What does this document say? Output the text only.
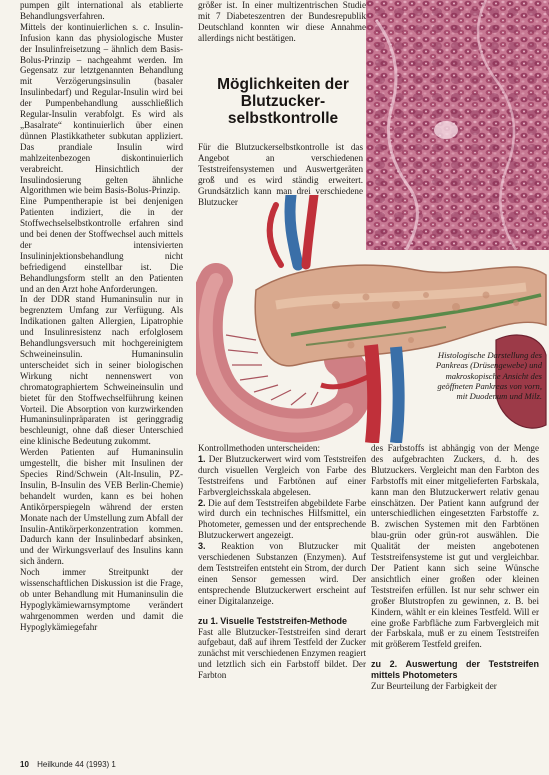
pumpen gilt international als etablierte Behandlungsverfahren.

Mittels der kontinuierlichen s. c. Insulin-Infusion kann das physiologische Muster der Insulinfreisetzung – ähnlich dem Basis-Bolus-Prinzip – nachgeahmt werden. Im Gegensatz zur letztgenannten Behandlung mit Verzögerungsinsulin (basaler Insulinbedarf) und Regular-Insulin wird bei der Pumpenbehandlung ausschließlich Regular-Insulin verabfolgt. Es wird als „Basalrate“ kontinuierlich über einen dünnen Plastikkatheter subkutan appliziert. Das prandiale Insulin wird mahlzeitenbezogen diskontinuierlich verabreicht. Hinsichtlich der Insulindosierung gelten ähnliche Algorithmen wie beim Basis-Bolus-Prinzip.

Eine Pumpentherapie ist bei denjenigen Patienten indiziert, die in der Stoffwechselselbstkontrolle erfahren sind und bei denen der Stoffwechsel auch mittels der intensivierten Insulininjektionsbehandlung nicht befriedigend einstellbar ist. Die Behandlungsform stellt an den Patienten und an den Arzt hohe Anforderungen.

In der DDR stand Humaninsulin nur in begrenztem Umfang zur Verfügung. Als Indikationen galten Allergien, Lipatrophie und Insulinresistenz nach erfolglosem Behandlungsversuch mit hochgereinigtem Schweineinsulin. Humaninsulin unterscheidet sich in seiner biologischen Wirkung nicht nennenswert von chromatographiertem Schweineinsulin und bietet für den Stoffwechselführung keinen Vorteil. Die Absorption von kurzwirkenden Humaninsulinpräparaten ist geringgradig beschleunigt, ohne daß dieser Unterschied eine klinische Bedeutung zukommt.

Werden Patienten auf Humaninsulin umgestellt, die bisher mit Insulinen der Species Rind/Schwein (Alt-Insulin, PZ-Insulin, B-Insulin des VEB Berlin-Chemie) behandelt wurden, kann es bei hohen Antikörperspiegeln während der ersten Monate nach der Umstellung zum Abfall der Insulin-Antikörperkonzentration kommen. Dadurch kann der Insulinbedarf absinken, und der Wirkungsverlauf des Insulins kann sich ändern.

Noch immer Streitpunkt der wissenschaftlichen Diskussion ist die Frage, ob unter Behandlung mit Humaninsulin die Hypoglykämiewarnsymptome verändert wahrgenommen werden und damit die Hypoglykämiegefahr

größer ist. In einer multizentrischen Studie mit 7 Diabeteszentren der Bundesrepublik Deutschland konnten wir diese Annahme allerdings nicht bestätigen.

Möglichkeiten der Blutzucker-selbstkontrolle

Für die Blutzuckerselbstkontrolle ist das Angebot an verschiedenen Teststreifensystemen und Auswertgeräten groß und es wird ständig erweitert. Grundsätzlich kann man drei verschiedene Blutzucker

Histologische Darstellung des Pankreas (Drüsengewebe) und makroskopische Ansicht des geöffneten Pankreas von vorn, mit Duodenum und Milz.

Kontrollmethoden unterscheiden:

1. Der Blutzuckerwert wird vom Teststreifen durch visuellen Vergleich von Farbe des Teststreifens und Farbtönen auf einer Farbvergleichsskala abgelesen.

2. Die auf dem Teststreifen abgebildete Farbe wird durch ein technisches Hilfsmittel, ein Photometer, gemessen und der entsprechende Blutzuckerwert angezeigt.

3. Reaktion von Blutzucker mit verschiedenen Substanzen (Enzymen). Auf dem Teststreifen entsteht ein Strom, der durch einen Sensor gemessen wird. Der entsprechende Blutzuckerwert erscheint auf einer Digitalanzeige.

zu 1. Visuelle Teststreifen-Methode

Fast alle Blutzucker-Teststreifen sind derart aufgebaut, daß auf ihrem Testfeld der Zucker zunächst mit verschiedenen Enzymen reagiert und letztlich sich ein Farbstoff bildet. Der Farbton

des Farbstoffs ist abhängig von der Menge des aufgebrachten Zuckers, d. h. des Blutzuckers. Vergleicht man den Farbton des Farbstoffs mit einer mitgelieferten Farbskala, kann man den Blutzuckerwert relativ genau einschätzen. Der Patient kann aufgrund der unterschiedlichen eingesetzten Farbstoffe z. B. zwischen Systemen mit den Farbtönen blau-grün oder grün-rot auswählen. Die Qualität der meisten angebotenen Teststreifensysteme ist gut und vergleichbar. Der Patient kann sich seine Wünsche ansichtlich einer großen oder kleinen Teststreifen erfüllen. Ist nur sehr schwer ein großer Blutstropfen zu gewinnen, z. B. bei Kindern, wählt er ein kleines Testfeld. Will er eine große Farbfläche zum Farbvergleich mit der Farbskala, muß er zu einem Teststreifen mit größerem Testfeld greifen.

zu 2. Auswertung der Teststreifen mittels Photometers

Zur Beurteilung der Farbigkeit der

10 Heilkunde 44 (1993) 1
